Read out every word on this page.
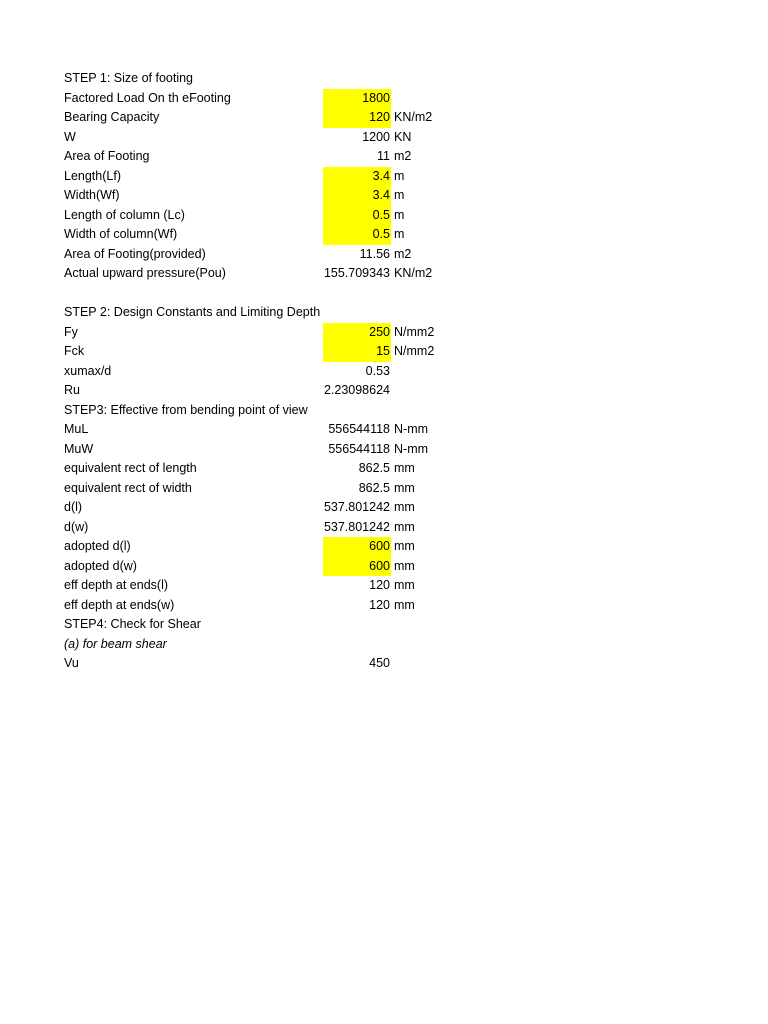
STEP 1: Size of footing
Factored Load On th eFooting	1800
Bearing Capacity	120 KN/m2
W	1200 KN
Area of Footing	11 m2
Length(Lf)	3.4 m
Width(Wf)	3.4 m
Length of column (Lc)	0.5 m
Width of column(Wf)	0.5 m
Area of Footing(provided)	11.56 m2
Actual upward pressure(Pou)	155.709343 KN/m2
STEP 2: Design Constants and Limiting Depth
Fy	250 N/mm2
Fck	15 N/mm2
xumax/d	0.53
Ru	2.23098624
STEP3: Effective from bending point of view
MuL	556544118 N-mm
MuW	556544118 N-mm
equivalent rect of length	862.5 mm
equivalent rect of width	862.5 mm
d(l)	537.801242 mm
d(w)	537.801242 mm
adopted d(l)	600 mm
adopted d(w)	600 mm
eff depth at ends(l)	120 mm
eff depth at ends(w)	120 mm
STEP4: Check for Shear
(a) for beam shear
Vu	450
